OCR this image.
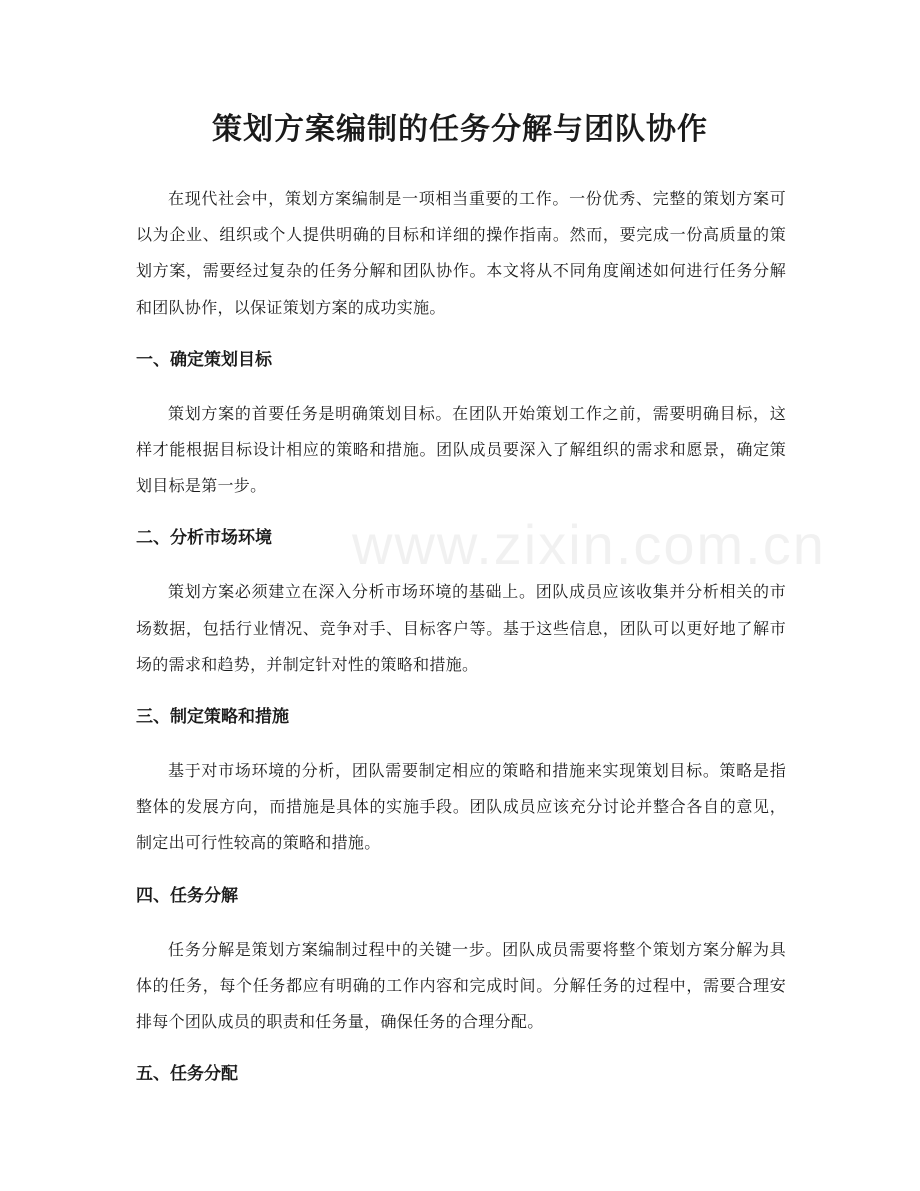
www.zixin.com.cn
策划方案编制的任务分解与团队协作

在现代社会中，策划方案编制是一项相当重要的工作。一份优秀、完整的策划方案可以为企业、组织或个人提供明确的目标和详细的操作指南。然而，要完成一份高质量的策划方案，需要经过复杂的任务分解和团队协作。本文将从不同角度阐述如何进行任务分解和团队协作，以保证策划方案的成功实施。

一、确定策划目标

策划方案的首要任务是明确策划目标。在团队开始策划工作之前，需要明确目标，这样才能根据目标设计相应的策略和措施。团队成员要深入了解组织的需求和愿景，确定策划目标是第一步。

二、分析市场环境

策划方案必须建立在深入分析市场环境的基础上。团队成员应该收集并分析相关的市场数据，包括行业情况、竞争对手、目标客户等。基于这些信息，团队可以更好地了解市场的需求和趋势，并制定针对性的策略和措施。

三、制定策略和措施

基于对市场环境的分析，团队需要制定相应的策略和措施来实现策划目标。策略是指整体的发展方向，而措施是具体的实施手段。团队成员应该充分讨论并整合各自的意见，制定出可行性较高的策略和措施。

四、任务分解

任务分解是策划方案编制过程中的关键一步。团队成员需要将整个策划方案分解为具体的任务，每个任务都应有明确的工作内容和完成时间。分解任务的过程中，需要合理安排每个团队成员的职责和任务量，确保任务的合理分配。

五、任务分配
